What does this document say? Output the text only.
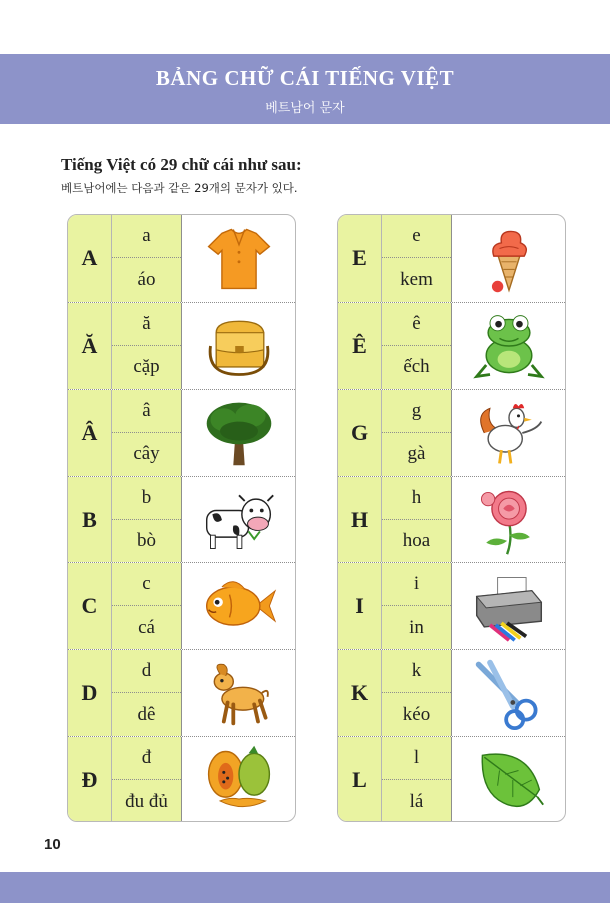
BẢNG CHỮ CÁI TIẾNG VIỆT
베트남어 문자
Tiếng Việt có 29 chữ cái như sau:
베트남어에는 다음과 같은 29개의 문자가 있다.
A
a
áo
Ă
ă
cặp
Â
â
cây
B
b
bò
C
c
cá
D
d
dê
Đ
đ
đu đủ
E
e
kem
Ê
ê
ếch
G
g
gà
H
h
hoa
I
i
in
K
k
kéo
L
l
lá
10
